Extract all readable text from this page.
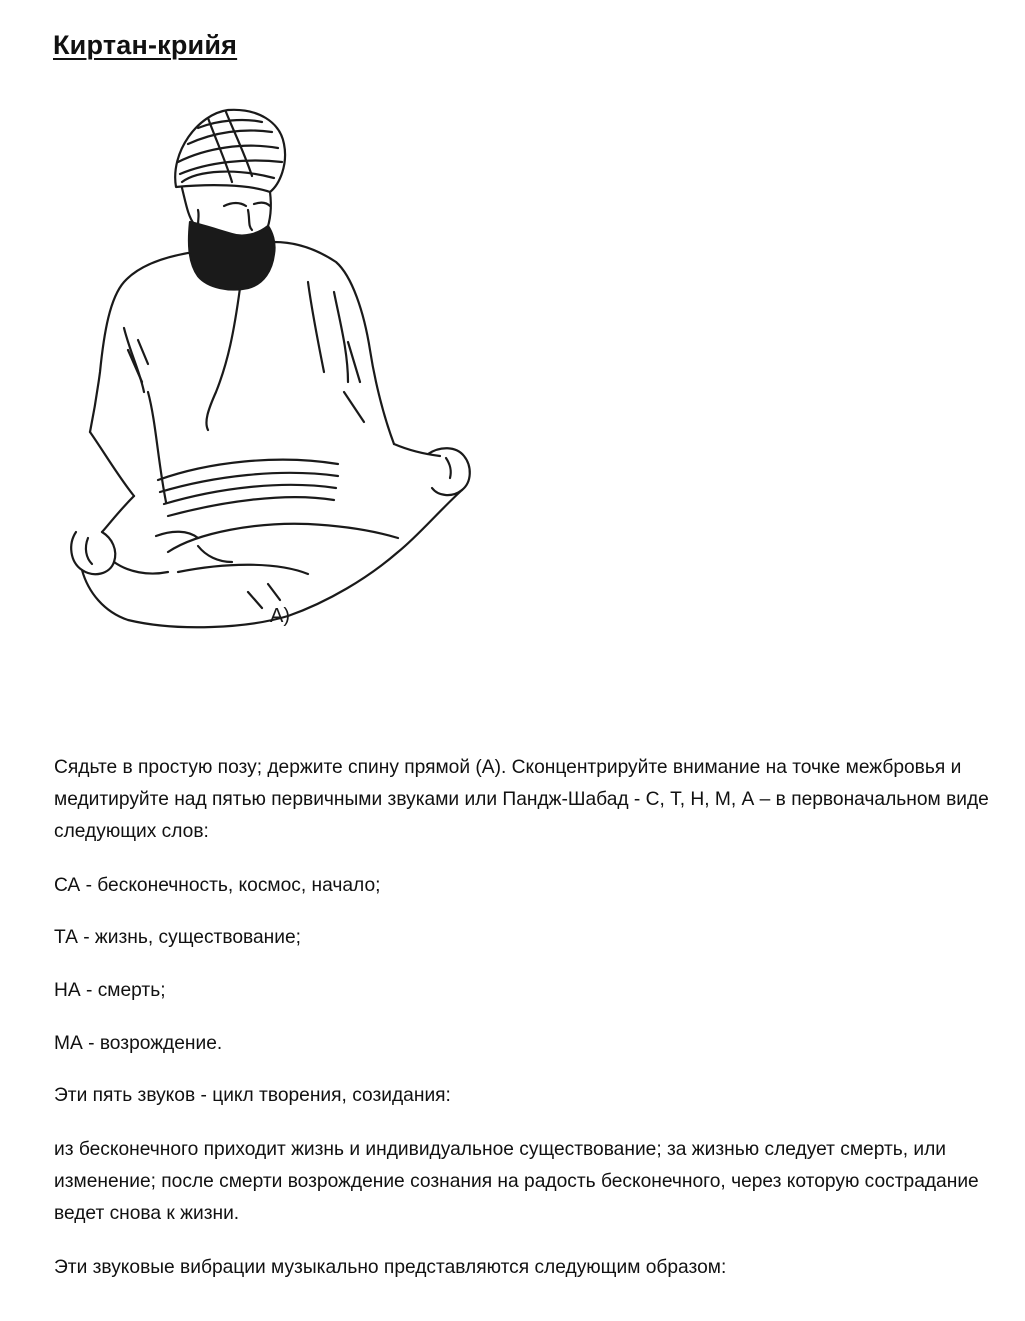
Киртан-крийя
A)

Сядьте в простую позу; держите спину прямой (А). Сконцентрируйте внимание на точке межбровья и медитируйте над пятью первичными звуками или Пандж-Шабад - С, Т, Н, М, А – в первоначальном виде следующих слов:

СА - бесконечность, космос, начало;

ТА - жизнь, существование;

НА - смерть;

МА - возрождение.

Эти пять звуков - цикл творения, созидания:

из бесконечного приходит жизнь и индивидуальное существование; за жизнью следует смерть, или изменение; после смерти возрождение сознания на радость бесконечного, через которую сострадание ведет снова к жизни.

Эти звуковые вибрации музыкально представляются следующим образом:
